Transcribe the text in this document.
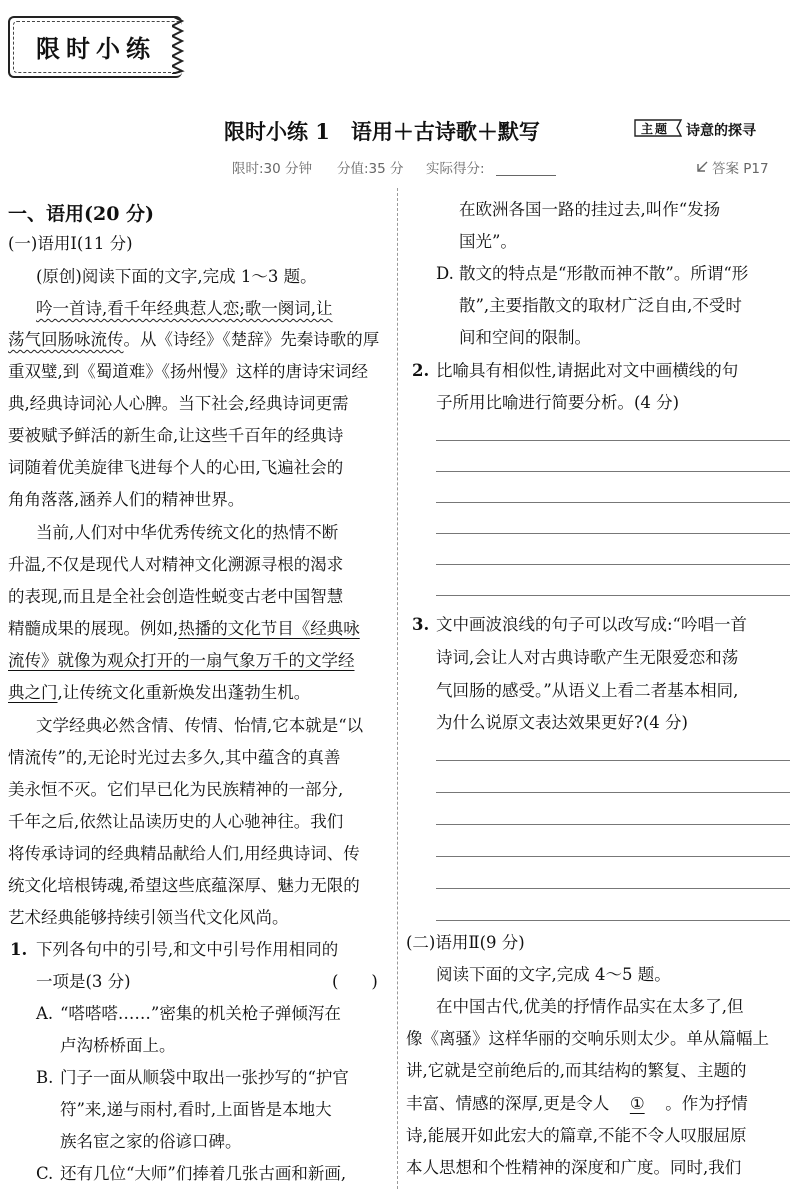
限时小练
限时小练 1　语用＋古诗歌＋默写	主题 诗意的探寻
限时:30 分钟 分值:35 分 实际得分:	答案 P17
一、语用(20 分)
(一)语用Ⅰ(11 分)
(原创)阅读下面的文字,完成 1～3 题。
吟一首诗,看千年经典惹人恋;歌一阕词,让
荡气回肠咏流传。从《诗经》《楚辞》先秦诗歌的厚
重双璧,到《蜀道难》《扬州慢》这样的唐诗宋词经
典,经典诗词沁人心脾。当下社会,经典诗词更需
要被赋予鲜活的新生命,让这些千百年的经典诗
词随着优美旋律飞进每个人的心田,飞遍社会的
角角落落,涵养人们的精神世界。
当前,人们对中华优秀传统文化的热情不断
升温,不仅是现代人对精神文化溯源寻根的渴求
的表现,而且是全社会创造性蜕变古老中国智慧
精髓成果的展现。例如,热播的文化节目《经典咏
流传》就像为观众打开的一扇气象万千的文学经
典之门,让传统文化重新焕发出蓬勃生机。
文学经典必然含情、传情、怡情,它本就是“以
情流传”的,无论时光过去多久,其中蕴含的真善
美永恒不灭。它们早已化为民族精神的一部分,
千年之后,依然让品读历史的人心驰神往。我们
将传承诗词的经典精品献给人们,用经典诗词、传
统文化培根铸魂,希望这些底蕴深厚、魅力无限的
艺术经典能够持续引领当代文化风尚。
1. 下列各句中的引号,和文中引号作用相同的
一项是(3 分)	(　　)
A. “嗒嗒嗒……”密集的机关枪子弹倾泻在
卢沟桥桥面上。
B. 门子一面从顺袋中取出一张抄写的“护官
符”来,递与雨村,看时,上面皆是本地大
族名宦之家的俗谚口碑。
C. 还有几位“大师”们捧着几张古画和新画,
在欧洲各国一路的挂过去,叫作“发扬
国光”。
D. 散文的特点是“形散而神不散”。所谓“形
散”,主要指散文的取材广泛自由,不受时
间和空间的限制。
2. 比喻具有相似性,请据此对文中画横线的句
子所用比喻进行简要分析。(4 分)
3. 文中画波浪线的句子可以改写成:“吟唱一首
诗词,会让人对古典诗歌产生无限爱恋和荡
气回肠的感受。”从语义上看二者基本相同,
为什么说原文表达效果更好?(4 分)
(二)语用Ⅱ(9 分)
阅读下面的文字,完成 4～5 题。
在中国古代,优美的抒情作品实在太多了,但
像《离骚》这样华丽的交响乐则太少。单从篇幅上
讲,它就是空前绝后的,而其结构的繁复、主题的
丰富、情感的深厚,更是令人 ① 。作为抒情
诗,能展开如此宏大的篇章,不能不令人叹服屈原
本人思想和个性精神的深度和广度。同时,我们
